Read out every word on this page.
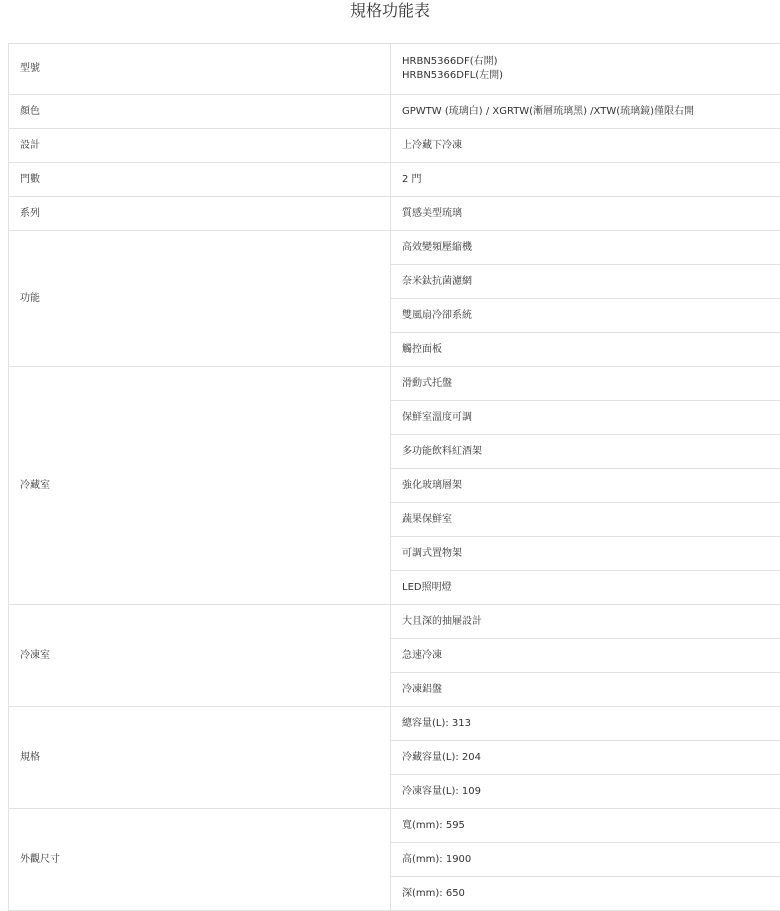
規格功能表
型號	HRBN5366DF(右開)
HRBN5366DFL(左開)

顏色	GPWTW (琉璃白) / XGRTW(漸層琉璃黑) /XTW(琉璃鏡)僅限右開
設計	上冷藏下冷凍
門數	2 門
系列	質感美型琉璃
功能	高效變頻壓縮機
	奈米鈦抗菌濾網
	雙風扇冷卻系統
	觸控面板
冷藏室	滑動式托盤
	保鮮室溫度可調
	多功能飲料紅酒架
	強化玻璃層架
	蔬果保鮮室
	可調式置物架
	LED照明燈
冷凍室	大且深的抽屜設計
	急速冷凍
	冷凍鋁盤
規格	總容量(L): 313
	冷藏容量(L): 204
	冷凍容量(L): 109
外觀尺寸	寬(mm): 595
	高(mm): 1900
	深(mm): 650
